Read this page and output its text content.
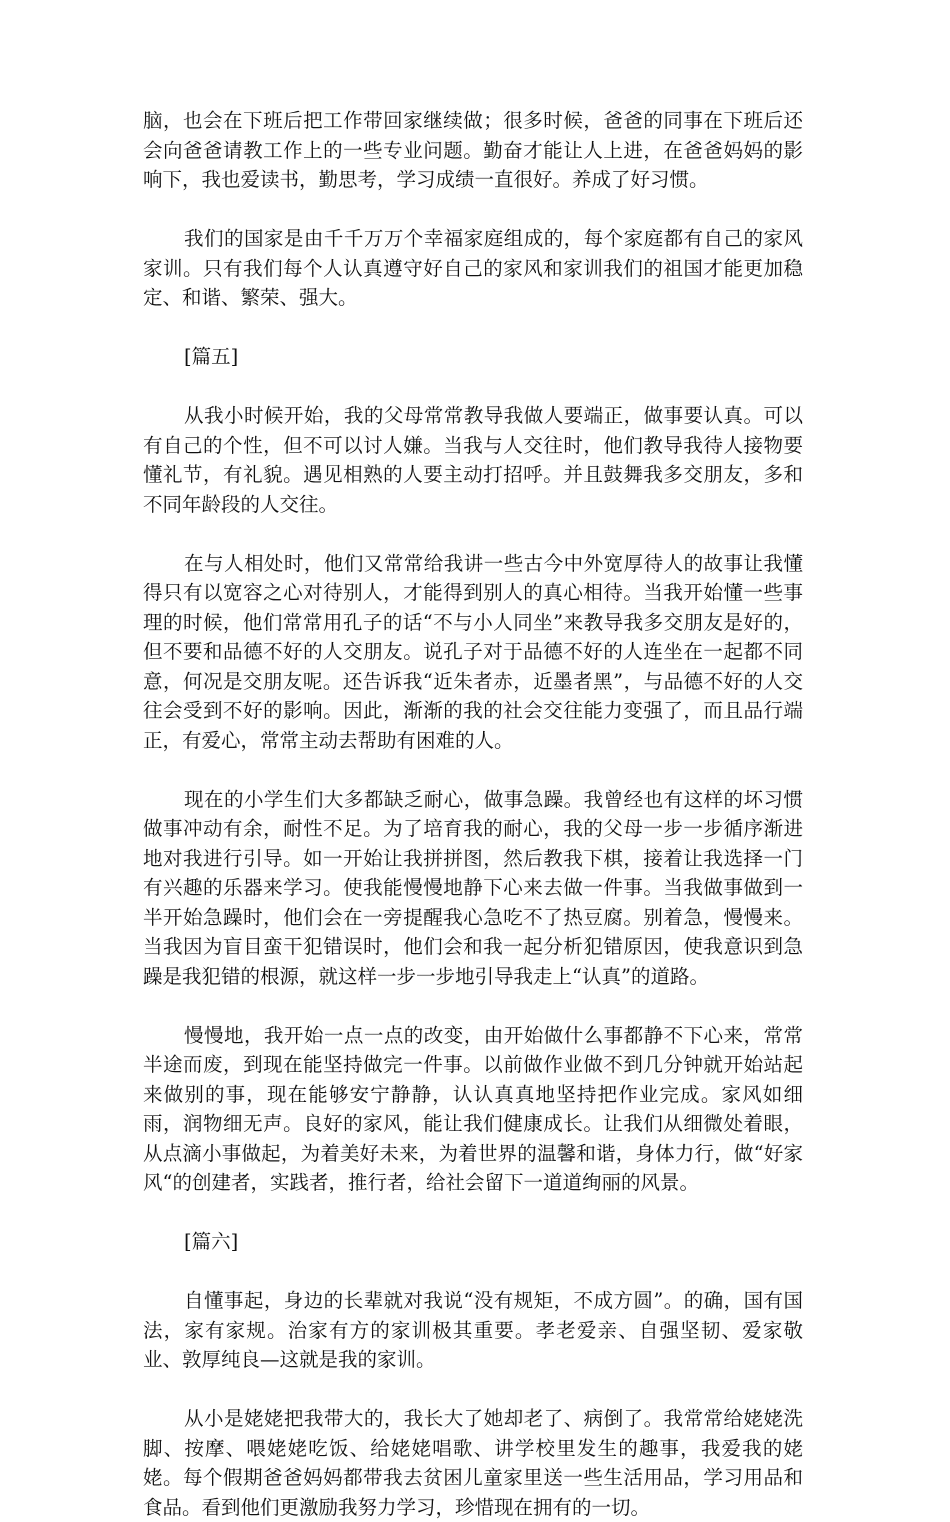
脑，也会在下班后把工作带回家继续做；很多时候，爸爸的同事在下班后还会向爸爸请教工作上的一些专业问题。勤奋才能让人上进，在爸爸妈妈的影响下，我也爱读书，勤思考，学习成绩一直很好。养成了好习惯。

我们的国家是由千千万万个幸福家庭组成的，每个家庭都有自己的家风家训。只有我们每个人认真遵守好自己的家风和家训我们的祖国才能更加稳定、和谐、繁荣、强大。

[篇五]

从我小时候开始，我的父母常常教导我做人要端正，做事要认真。可以有自己的个性，但不可以讨人嫌。当我与人交往时，他们教导我待人接物要懂礼节，有礼貌。遇见相熟的人要主动打招呼。并且鼓舞我多交朋友，多和不同年龄段的人交往。

在与人相处时，他们又常常给我讲一些古今中外宽厚待人的故事让我懂得只有以宽容之心对待别人，才能得到别人的真心相待。当我开始懂一些事理的时候，他们常常用孔子的话“不与小人同坐”来教导我多交朋友是好的，但不要和品德不好的人交朋友。说孔子对于品德不好的人连坐在一起都不同意，何况是交朋友呢。还告诉我“近朱者赤，近墨者黑”，与品德不好的人交往会受到不好的影响。因此，渐渐的我的社会交往能力变强了，而且品行端正，有爱心，常常主动去帮助有困难的人。

现在的小学生们大多都缺乏耐心，做事急躁。我曾经也有这样的坏习惯做事冲动有余，耐性不足。为了培育我的耐心，我的父母一步一步循序渐进地对我进行引导。如一开始让我拼拼图，然后教我下棋，接着让我选择一门有兴趣的乐器来学习。使我能慢慢地静下心来去做一件事。当我做事做到一半开始急躁时，他们会在一旁提醒我心急吃不了热豆腐。别着急，慢慢来。当我因为盲目蛮干犯错误时，他们会和我一起分析犯错原因，使我意识到急躁是我犯错的根源，就这样一步一步地引导我走上“认真”的道路。

慢慢地，我开始一点一点的改变，由开始做什么事都静不下心来，常常半途而废，到现在能坚持做完一件事。以前做作业做不到几分钟就开始站起来做别的事，现在能够安宁静静，认认真真地坚持把作业完成。家风如细雨，润物细无声。良好的家风，能让我们健康成长。让我们从细微处着眼，从点滴小事做起，为着美好未来，为着世界的温馨和谐，身体力行，做“好家风“的创建者，实践者，推行者，给社会留下一道道绚丽的风景。

[篇六]

自懂事起，身边的长辈就对我说“没有规矩，不成方圆”。的确，国有国法，家有家规。治家有方的家训极其重要。孝老爱亲、自强坚韧、爱家敬业、敦厚纯良—这就是我的家训。

从小是姥姥把我带大的，我长大了她却老了、病倒了。我常常给姥姥洗脚、按摩、喂姥姥吃饭、给姥姥唱歌、讲学校里发生的趣事，我爱我的姥姥。每个假期爸爸妈妈都带我去贫困儿童家里送一些生活用品，学习用品和食品。看到他们更激励我努力学习，珍惜现在拥有的一切。
